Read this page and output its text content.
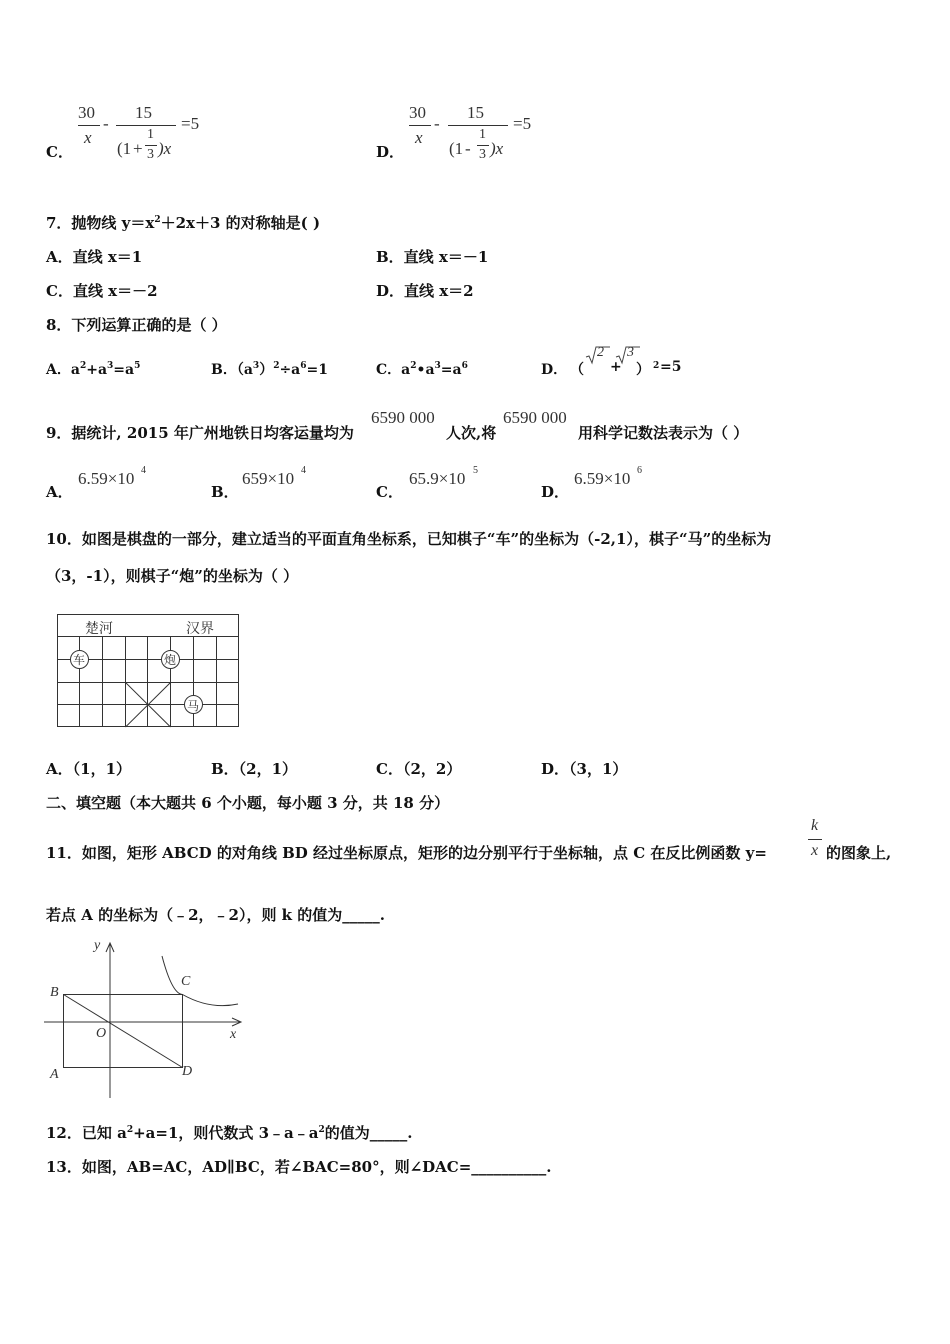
C．
30
x
-
15
(1 +
1
3 )x
=5
D．
30
x
-
15
(1 -
1
3 )x
=5
7．抛物线 $y=x^2+2x+3$ 的对称轴是( )
A．直线 x＝1	B．直线 x＝－1
C．直线 x＝－2	D．直线 x＝2
8．下列运算正确的是（ ）
A．$a^2+a^3=a^5$	B．$(a^3)^2\div a^6=1$	C．$a^2•a^3=a^6$	D． （
2
+
3
） 2 =5
9．据统计, 2015 年广州地铁日均客运量均为
6590 000
人次,将
6590 000
用科学记数法表示为（ ）
A．
6.59×10 4
B．
659×10 4
C．
65.9×10 5
D．
6.59×10 6
10．如图是棋盘的一部分，建立适当的平面直角坐标系，已知棋子“车”的坐标为（-2,1），棋子“马”的坐标为
（3，-1），则棋子“炮”的坐标为（ ）
楚河	汉界
车	炮
马
A．（1，1）	B．（2，1）	C．（2，2）	D．（3，1）
二、填空题（本大题共 6 个小题，每小题 3 分，共 18 分）
11．如图，矩形 ABCD 的对角线 BD 经过坐标原点，矩形的边分别平行于坐标轴，点 C 在反比例函数 y=
k
x 的图象上,
若点 A 的坐标为（﹣2，﹣2），则 k 的值为_____.
y
x
O
A
B
C
D
12．已知 $a^2+a=1$，则代数式 $3﹣a﹣a^2$的值为_____.
13．如图，AB=AC，AD∥BC，若∠BAC=80°，则∠DAC=__________.
